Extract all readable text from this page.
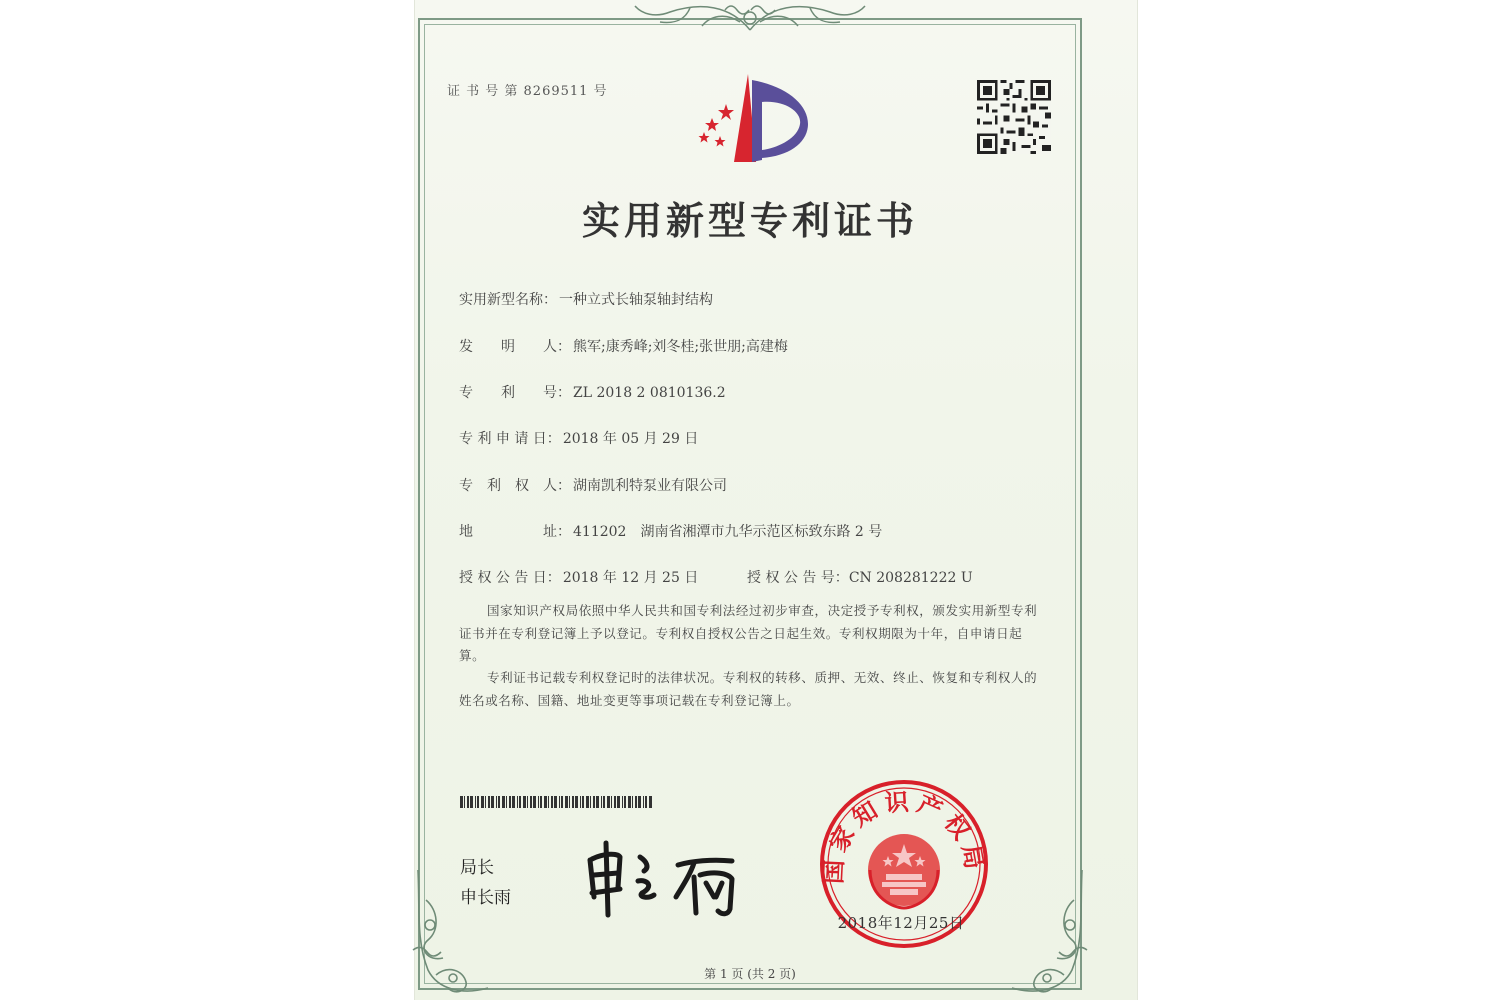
证 书 号 第 8269511 号
实用新型专利证书
实用新型名称： 一种立式长轴泵轴封结构
发　　明　　人： 熊军;康秀峰;刘冬桂;张世朋;高建梅
专　　利　　号： ZL 2018 2 0810136.2
专 利 申 请 日： 2018 年 05 月 29 日
专　利　权　人： 湖南凯利特泵业有限公司
地　　　　　址： 411202　湖南省湘潭市九华示范区标致东路 2 号
授 权 公 告 日： 2018 年 12 月 25 日	授 权 公 告 号：CN 208281222 U
国家知识产权局依照中华人民共和国专利法经过初步审查，决定授予专利权，颁发实用新型专利证书并在专利登记簿上予以登记。专利权自授权公告之日起生效。专利权期限为十年，自申请日起算。
专利证书记载专利权登记时的法律状况。专利权的转移、质押、无效、终止、恢复和专利权人的姓名或名称、国籍、地址变更等事项记载在专利登记簿上。
局长
申长雨
国家知识产权局
2018年12月25日
第 1 页 (共 2 页)
